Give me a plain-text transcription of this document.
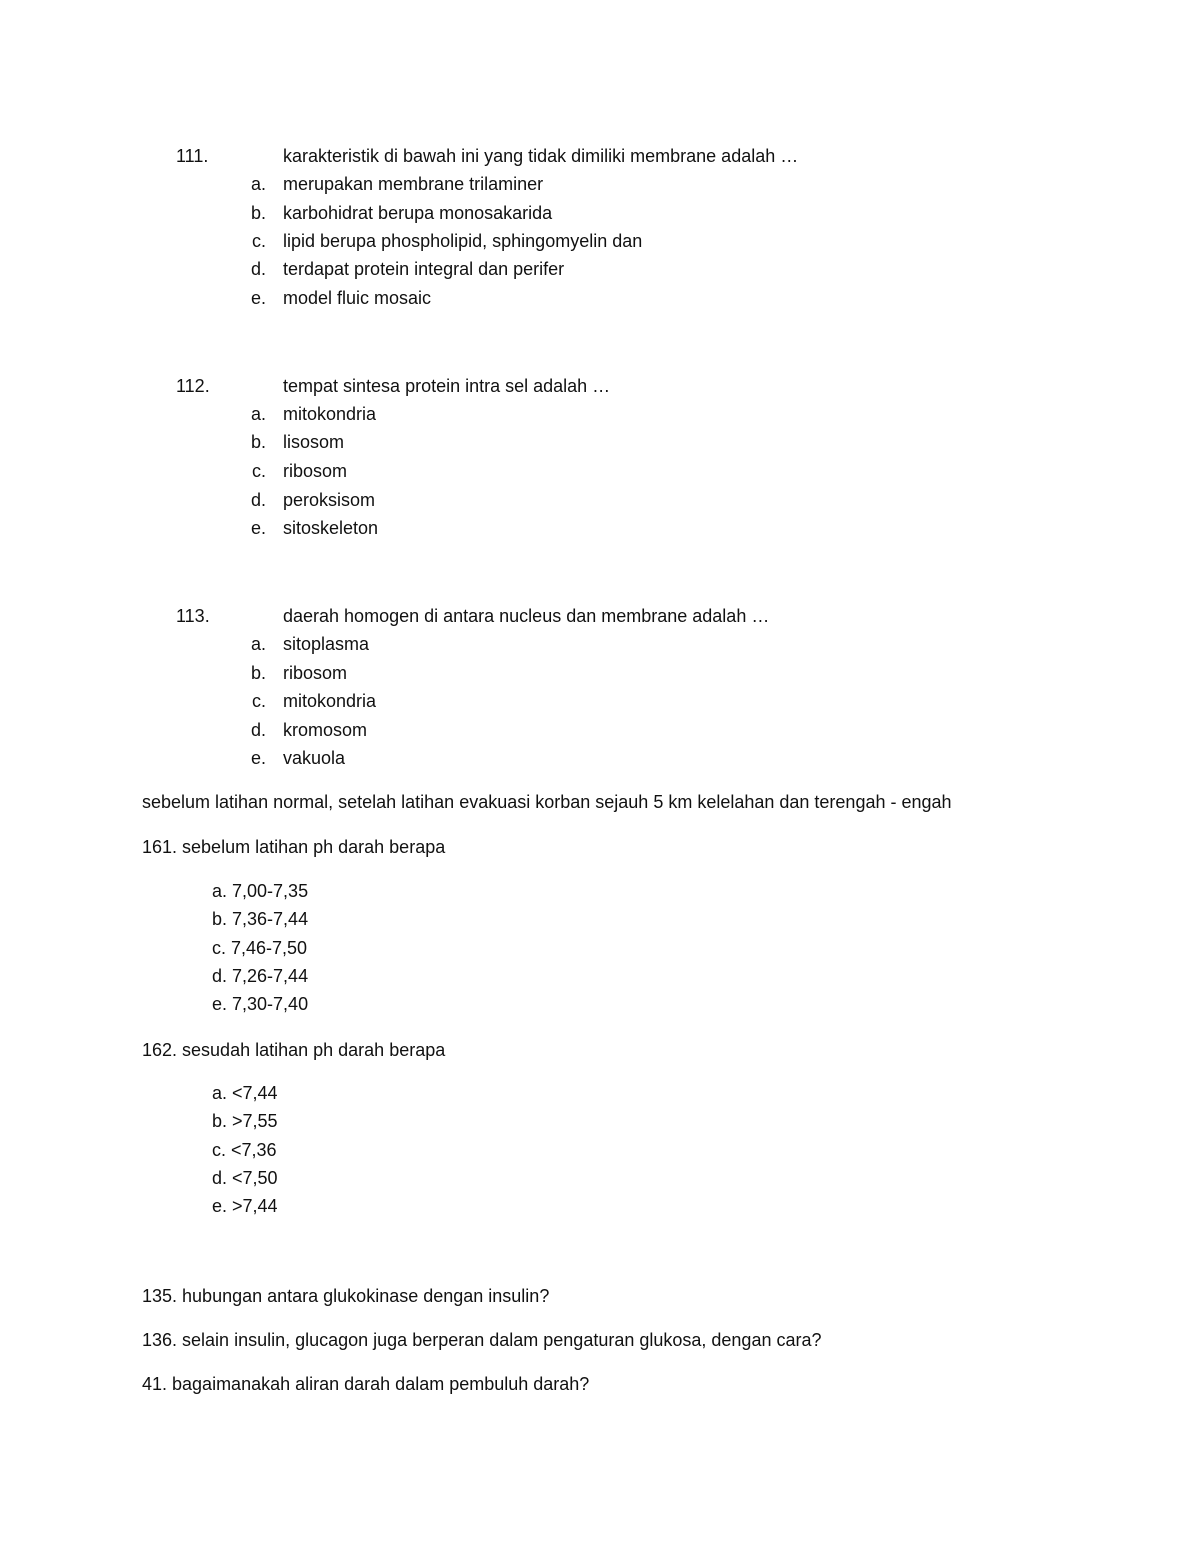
111.	karakteristik di bawah ini yang tidak dimiliki membrane adalah …
a. merupakan membrane trilaminer
b. karbohidrat berupa monosakarida
c. lipid berupa phospholipid, sphingomyelin dan
d. terdapat protein integral dan perifer
e. model fluic mosaic
112.	tempat sintesa protein intra sel adalah …
a. mitokondria
b. lisosom
c. ribosom
d. peroksisom
e. sitoskeleton
113.	daerah homogen di antara nucleus dan membrane adalah …
a. sitoplasma
b. ribosom
c. mitokondria
d. kromosom
e. vakuola
sebelum latihan normal, setelah latihan evakuasi korban sejauh 5 km kelelahan dan terengah - engah
161. sebelum latihan ph darah berapa
a. 7,00-7,35
b. 7,36-7,44
c. 7,46-7,50
d. 7,26-7,44
e. 7,30-7,40
162. sesudah latihan ph darah berapa
a. <7,44
b. >7,55
c. <7,36
d. <7,50
e. >7,44
135. hubungan antara glukokinase dengan insulin?
136. selain insulin, glucagon juga berperan dalam pengaturan glukosa, dengan cara?
41. bagaimanakah aliran darah dalam pembuluh darah?
